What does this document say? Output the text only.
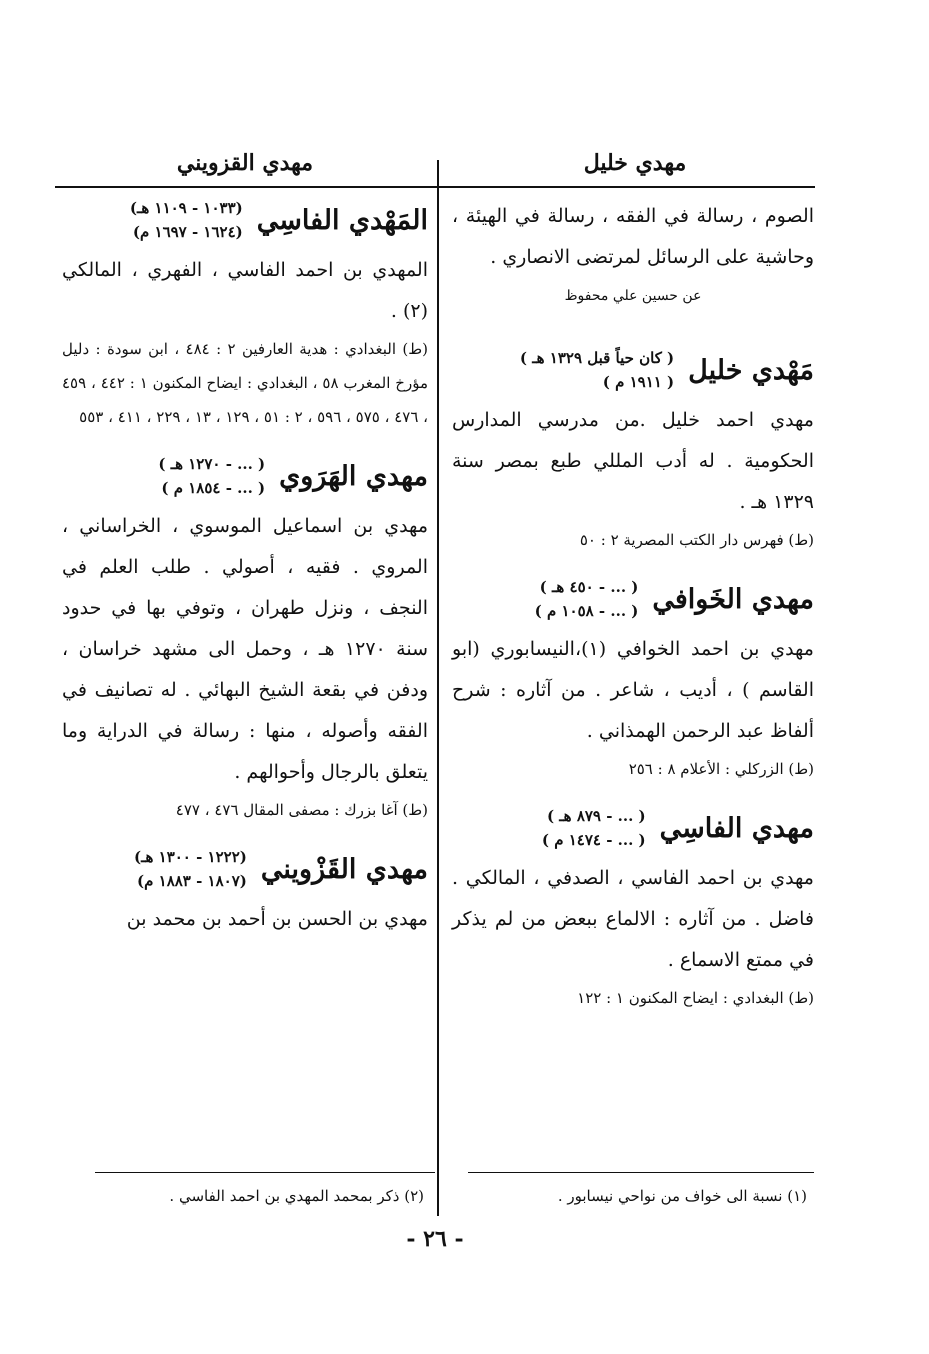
مهدي خليل
مهدي القزويني

الصوم ، رسالة في الفقه ، رسالة في الهيئة ، وحاشية على الرسائل لمرتضى الانصاري .

عن حسين علي محفوظ

مَهْدي خليل
( كان حياً قبل ١٣٢٩ هـ )
( ١٩١١ م )

مهدي احمد خليل .من مدرسي المدارس الحكومية . له أدب المللي طبع بمصر سنة ١٣٢٩ هـ .

(ط) فهرس دار الكتب المصرية ٢ : ٥٠

مهدي الخَوافي
( ... - ٤٥٠ هـ )
( ... - ١٠٥٨ م )

مهدي بن احمد الخوافي (١)،النيسابوري (ابو القاسم ) ، أديب ، شاعر . من آثاره : شرح ألفاظ عبد الرحمن الهمذاني .

(ط) الزركلي : الأعلام ٨ : ٢٥٦

مهدي الفاسِي
( ... - ٨٧٩ هـ )
( ... - ١٤٧٤ م )

مهدي بن احمد الفاسي ، الصدفي ، المالكي . فاضل . من آثاره : الالماع ببعض من لم يذكر في ممتع الاسماع .

(ط) البغدادي : ايضاح المكنون ١ : ١٢٢

المَهْدي الفاسِي
(١٠٣٣ - ١١٠٩ هـ)
(١٦٢٤ - ١٦٩٧ م)

المهدي بن احمد الفاسي ، الفهري ، المالكي (٢) .

(ط) البغدادي : هدية العارفين ٢ : ٤٨٤ ، ابن سودة : دليل مؤرخ المغرب ٥٨ ، البغدادي : ايضاح المكنون ١ : ٤٤٢ ، ٤٥٩ ، ٤٧٦ ، ٥٧٥ ، ٥٩٦ ، ٢ : ٥١ ، ١٢٩ ، ١٣ ، ٢٢٩ ، ٤١١ ، ٥٥٣

مهدي الهَرَوي
( ... - ١٢٧٠ هـ )
( ... - ١٨٥٤ م )

مهدي بن اسماعيل الموسوي ، الخراساني ، المروي . فقيه ، أصولي . طلب العلم في النجف ، ونزل طهران ، وتوفي بها في حدود سنة ١٢٧٠ هـ ، وحمل الى مشهد خراسان ، ودفن في بقعة الشيخ البهائي . له تصانيف في الفقه وأصوله ، منها : رسالة في الدراية وما يتعلق بالرجال وأحوالهم .

(ط) آغا بزرك : مصفى المقال ٤٧٦ ، ٤٧٧

مهدي القَزْويني
(١٢٢٢ - ١٣٠٠ هـ)
(١٨٠٧ - ١٨٨٣ م)

مهدي بن الحسن بن أحمد بن محمد بن

(١) نسبة الى خواف من نواحي نيسابور .
(٢) ذكر بمحمد المهدي بن احمد الفاسي .
- ٢٦ -
